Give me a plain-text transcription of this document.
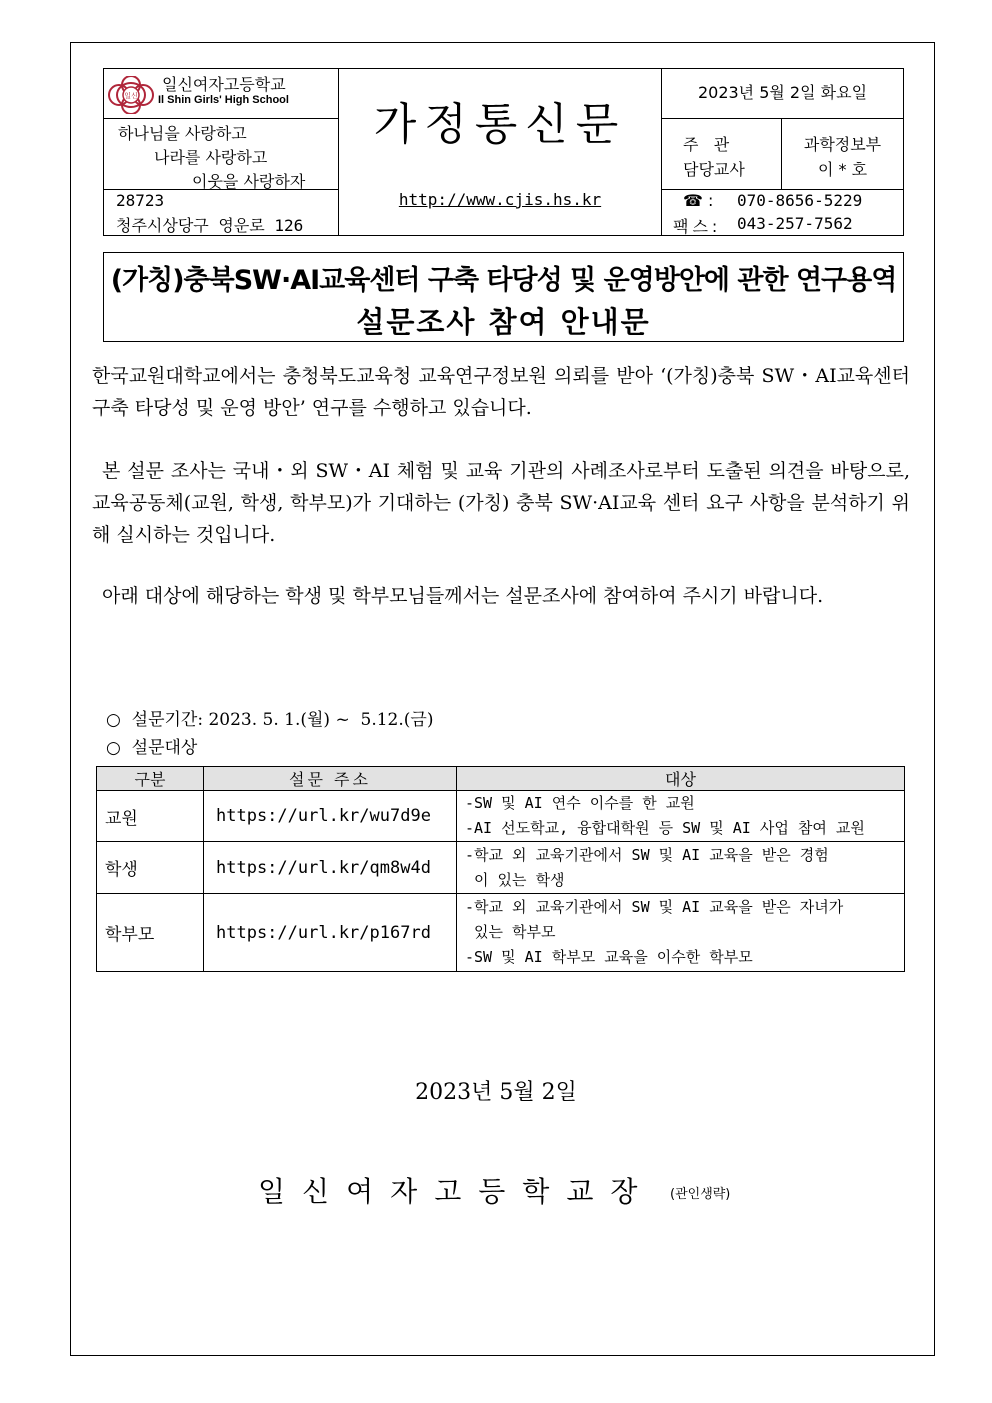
일신
일신여자고등학교
Il Shin Girls' High School
하나님을 사랑하고
나라를 사랑하고
이웃을 사랑하자
28723
청주시상당구 영운로 126
가정통신문
http://www.cjis.hs.kr
2023년 5월 2일 화요일
주   관
담당교사
과학정보부
이 * 호
☎ : 070-8656-5229
팩스: 043-257-7562
(가칭)충북SW·AI교육센터 구축 타당성 및 운영방안에 관한 연구용역
설문조사 참여 안내문
한국교원대학교에서는 충청북도교육청 교육연구정보원 의뢰를 받아 ‘(가칭)충북 SW・AI교육센터 구축 타당성 및 운영 방안’ 연구를 수행하고 있습니다.
본 설문 조사는 국내・외 SW・AI 체험 및 교육 기관의 사례조사로부터 도출된 의견을 바탕으로, 교육공동체(교원, 학생, 학부모)가 기대하는 (가칭) 충북 SW·AI교육 센터 요구 사항을 분석하기 위해 실시하는 것입니다.
아래 대상에 해당하는 학생 및 학부모님들께서는 설문조사에 참여하여 주시기 바랍니다.
○  설문기간: 2023. 5. 1.(월) ~  5.12.(금)
○  설문대상
구분	설문 주소	대상
교원	https://url.kr/wu7d9e	-SW 및 AI 연수 이수를 한 교원
-AI 선도학교, 융합대학원 등 SW 및 AI 사업 참여 교원

학생	https://url.kr/qm8w4d	-학교 외 교육기관에서 SW 및 AI 교육을 받은 경험
이 있는 학생

학부모	https://url.kr/p167rd	-학교 외 교육기관에서 SW 및 AI 교육을 받은 자녀가
있는 학부모
-SW 및 AI 학부모 교육을 이수한 학부모
2023년 5월 2일
일신여자고등학교장 (관인생략)
